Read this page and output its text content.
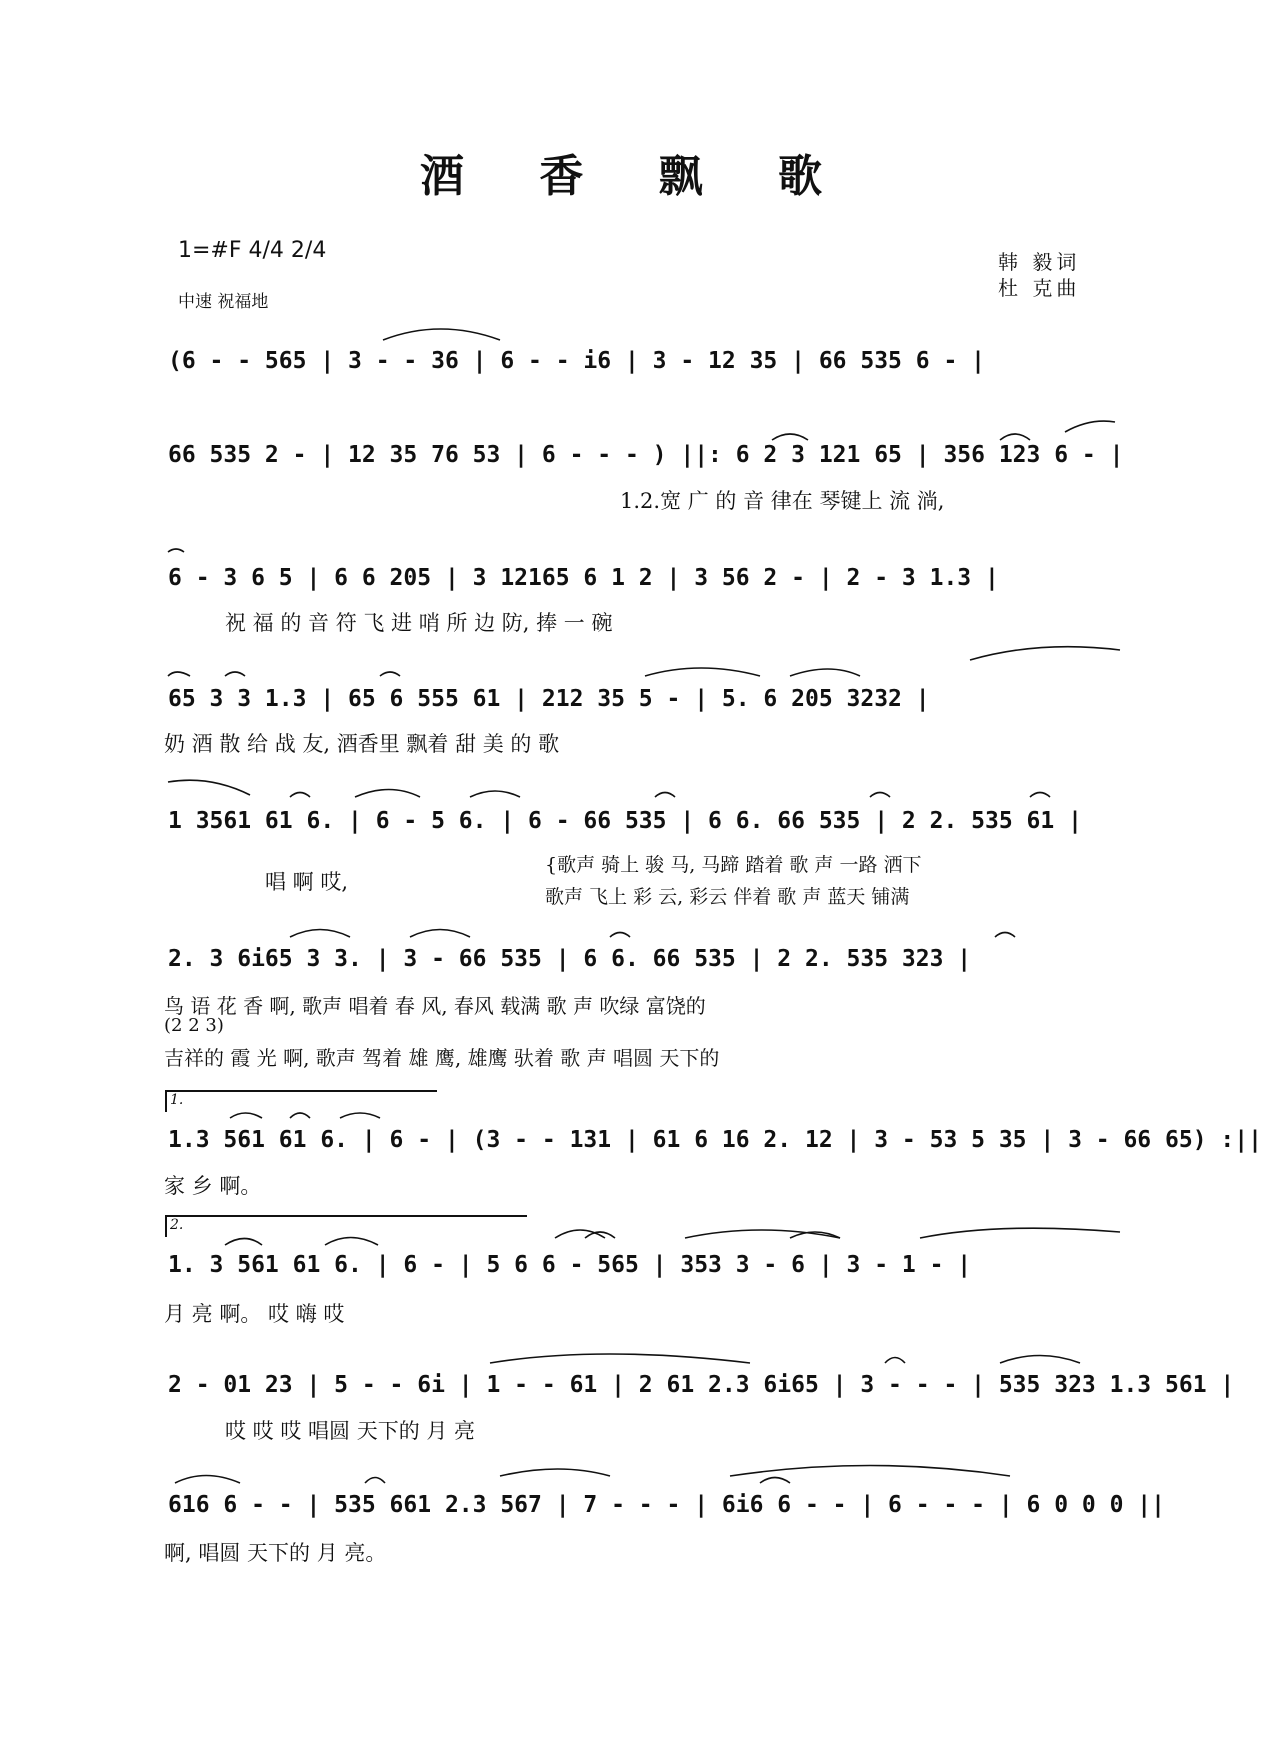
酒 香 飘 歌
1=#F 4/4 2/4
中速 祝福地
韩 毅词
杜 克曲
(6 - - 565 | 3 - - 36 | 6 - - i6 | 3 - 12 35 | 66 535 6 - |
66 535 2 - | 12 35 76 53 | 6 - - - ) ||: 6 2 3 121 65 | 356 123 6 - |
1.2.宽 广 的 音 律在 琴键上 流 淌,
6 - 3 6 5 | 6 6 205 | 3 12165 6 1 2 | 3 56 2 - | 2 - 3 1.3 |
祝 福 的 音 符 飞 进 哨 所 边 防, 捧 一 碗
65 3 3 1.3 | 65 6 555 61 | 212 35 5 - | 5. 6 205 3232 |
奶 酒 散 给 战 友, 酒香里 飘着 甜 美 的 歌
1 3561 61 6. | 6 - 5 6. | 6 - 66 535 | 6 6. 66 535 | 2 2. 535 61 |
唱 啊 哎,
{歌声 骑上 骏 马, 马蹄 踏着 歌 声 一路 洒下
歌声 飞上 彩 云, 彩云 伴着 歌 声 蓝天 铺满
2. 3 6i65 3 3. | 3 - 66 535 | 6 6. 66 535 | 2 2. 535 323 |
鸟 语 花 香 啊, 歌声 唱着 春 风, 春风 载满 歌 声 吹绿 富饶的
(2 2 3)
吉祥的 霞 光 啊, 歌声 驾着 雄 鹰, 雄鹰 驮着 歌 声 唱圆 天下的
1.
1.3 561 61 6. | 6 - | (3 - - 131 | 61 6 16 2. 12 | 3 - 53 5 35 | 3 - 66 65) :||
家 乡 啊。
2.
1. 3 561 61 6. | 6 - | 5 6 6 - 565 | 353 3 - 6 | 3 - 1 - |
月 亮 啊。 哎 嗨 哎
2 - 01 23 | 5 - - 6i | 1 - - 61 | 2 61 2.3 6i65 | 3 - - - | 535 323 1.3 561 |
哎 哎 哎 唱圆 天下的 月 亮
616 6 - - | 535 661 2.3 567 | 7 - - - | 6i6 6 - - | 6 - - - | 6 0 0 0 ||
啊, 唱圆 天下的 月 亮。
